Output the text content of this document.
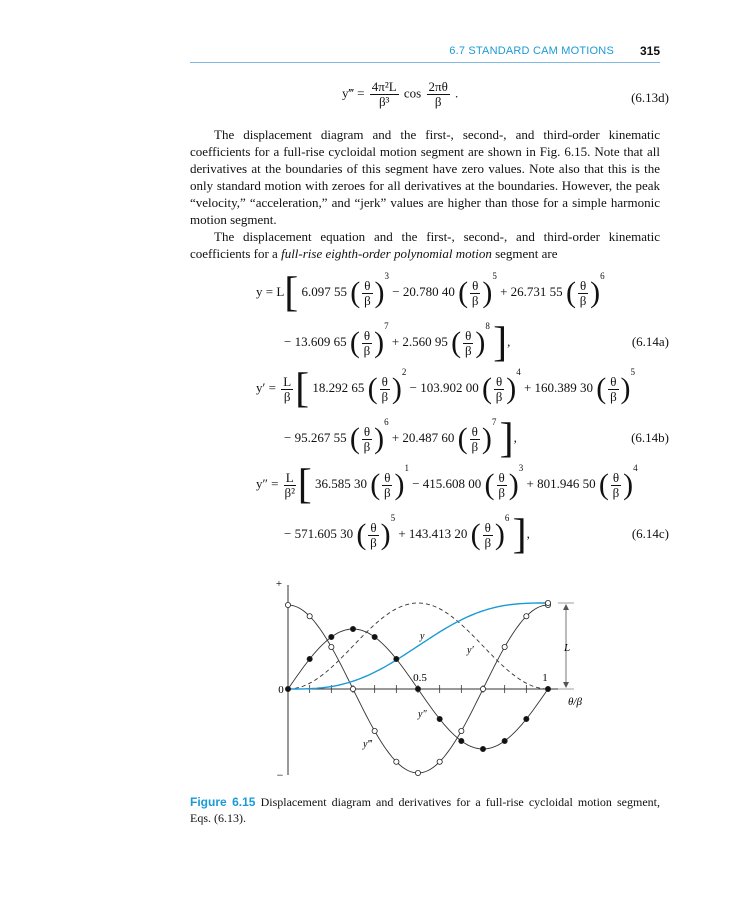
6.7 STANDARD CAM MOTIONS 315
y‴ = $\frac{\text{4π²L}}{\text{β³}}$ $\cos \frac{2\pi\theta}{\beta}$ .	(6.13d)

The displacement diagram and the first-, second-, and third-order kinematic coefficients for a full-rise cycloidal motion segment are shown in Fig. 6.15. Note that all derivatives at the boundaries of this segment have zero values. Note also that this is the only standard motion with zeroes for all derivatives at the boundaries. However, the peak “velocity,” “acceleration,” and “jerk” values are higher than those for a simple harmonic motion segment.

The displacement equation and the first-, second-, and third-order kinematic coefficients for a full-rise eighth-order polynomial motion segment are

y = L[ 6.097 55 ( $\frac{\theta}{\beta} )^3 - 20.780$ 40 ( $\frac{\theta}{\beta} )^5 + 26.731$ 55 ( $\frac{\theta}{\beta} )^6$
− 13.609 65 ( $\frac{\theta}{\beta} )^7 + 2.560$ 95 ( $\frac{\theta}{\beta} )^8$ ],	(6.14a)
$y' = \frac{L}{\beta}$ [ 18.292 65 ( $\frac{\theta}{\beta} )^2 - 103.902$ 00 ( $\frac{\theta}{\beta} )^4 + 160.389$ 30 ( $\frac{\theta}{\beta} )^5$
− 95.267 55 ( $\frac{\theta}{\beta} )^6 + 20.487$ 60 ( $\frac{\theta}{\beta} )^7$ ],	(6.14b)
$y'' = \frac{L}{\text{β²}}$ [ 36.585 30 ( $\frac{\theta}{\beta} )^1 - 415.608$ 00 ( $\frac{\theta}{\beta} )^3 + 801.946$ 50 ( $\frac{\theta}{\beta} )^4$
− 571.605 30 ( $\frac{\theta}{\beta} )^5 + 143.413$ 20 ( $\frac{\theta}{\beta} )^6$ ],	(6.14c)
+
−
0
0.5	1
θ/β
L
y
y′
y″
y‴
Figure 6.15 Displacement diagram and derivatives for a full-rise cycloidal motion segment, Eqs. (6.13).
